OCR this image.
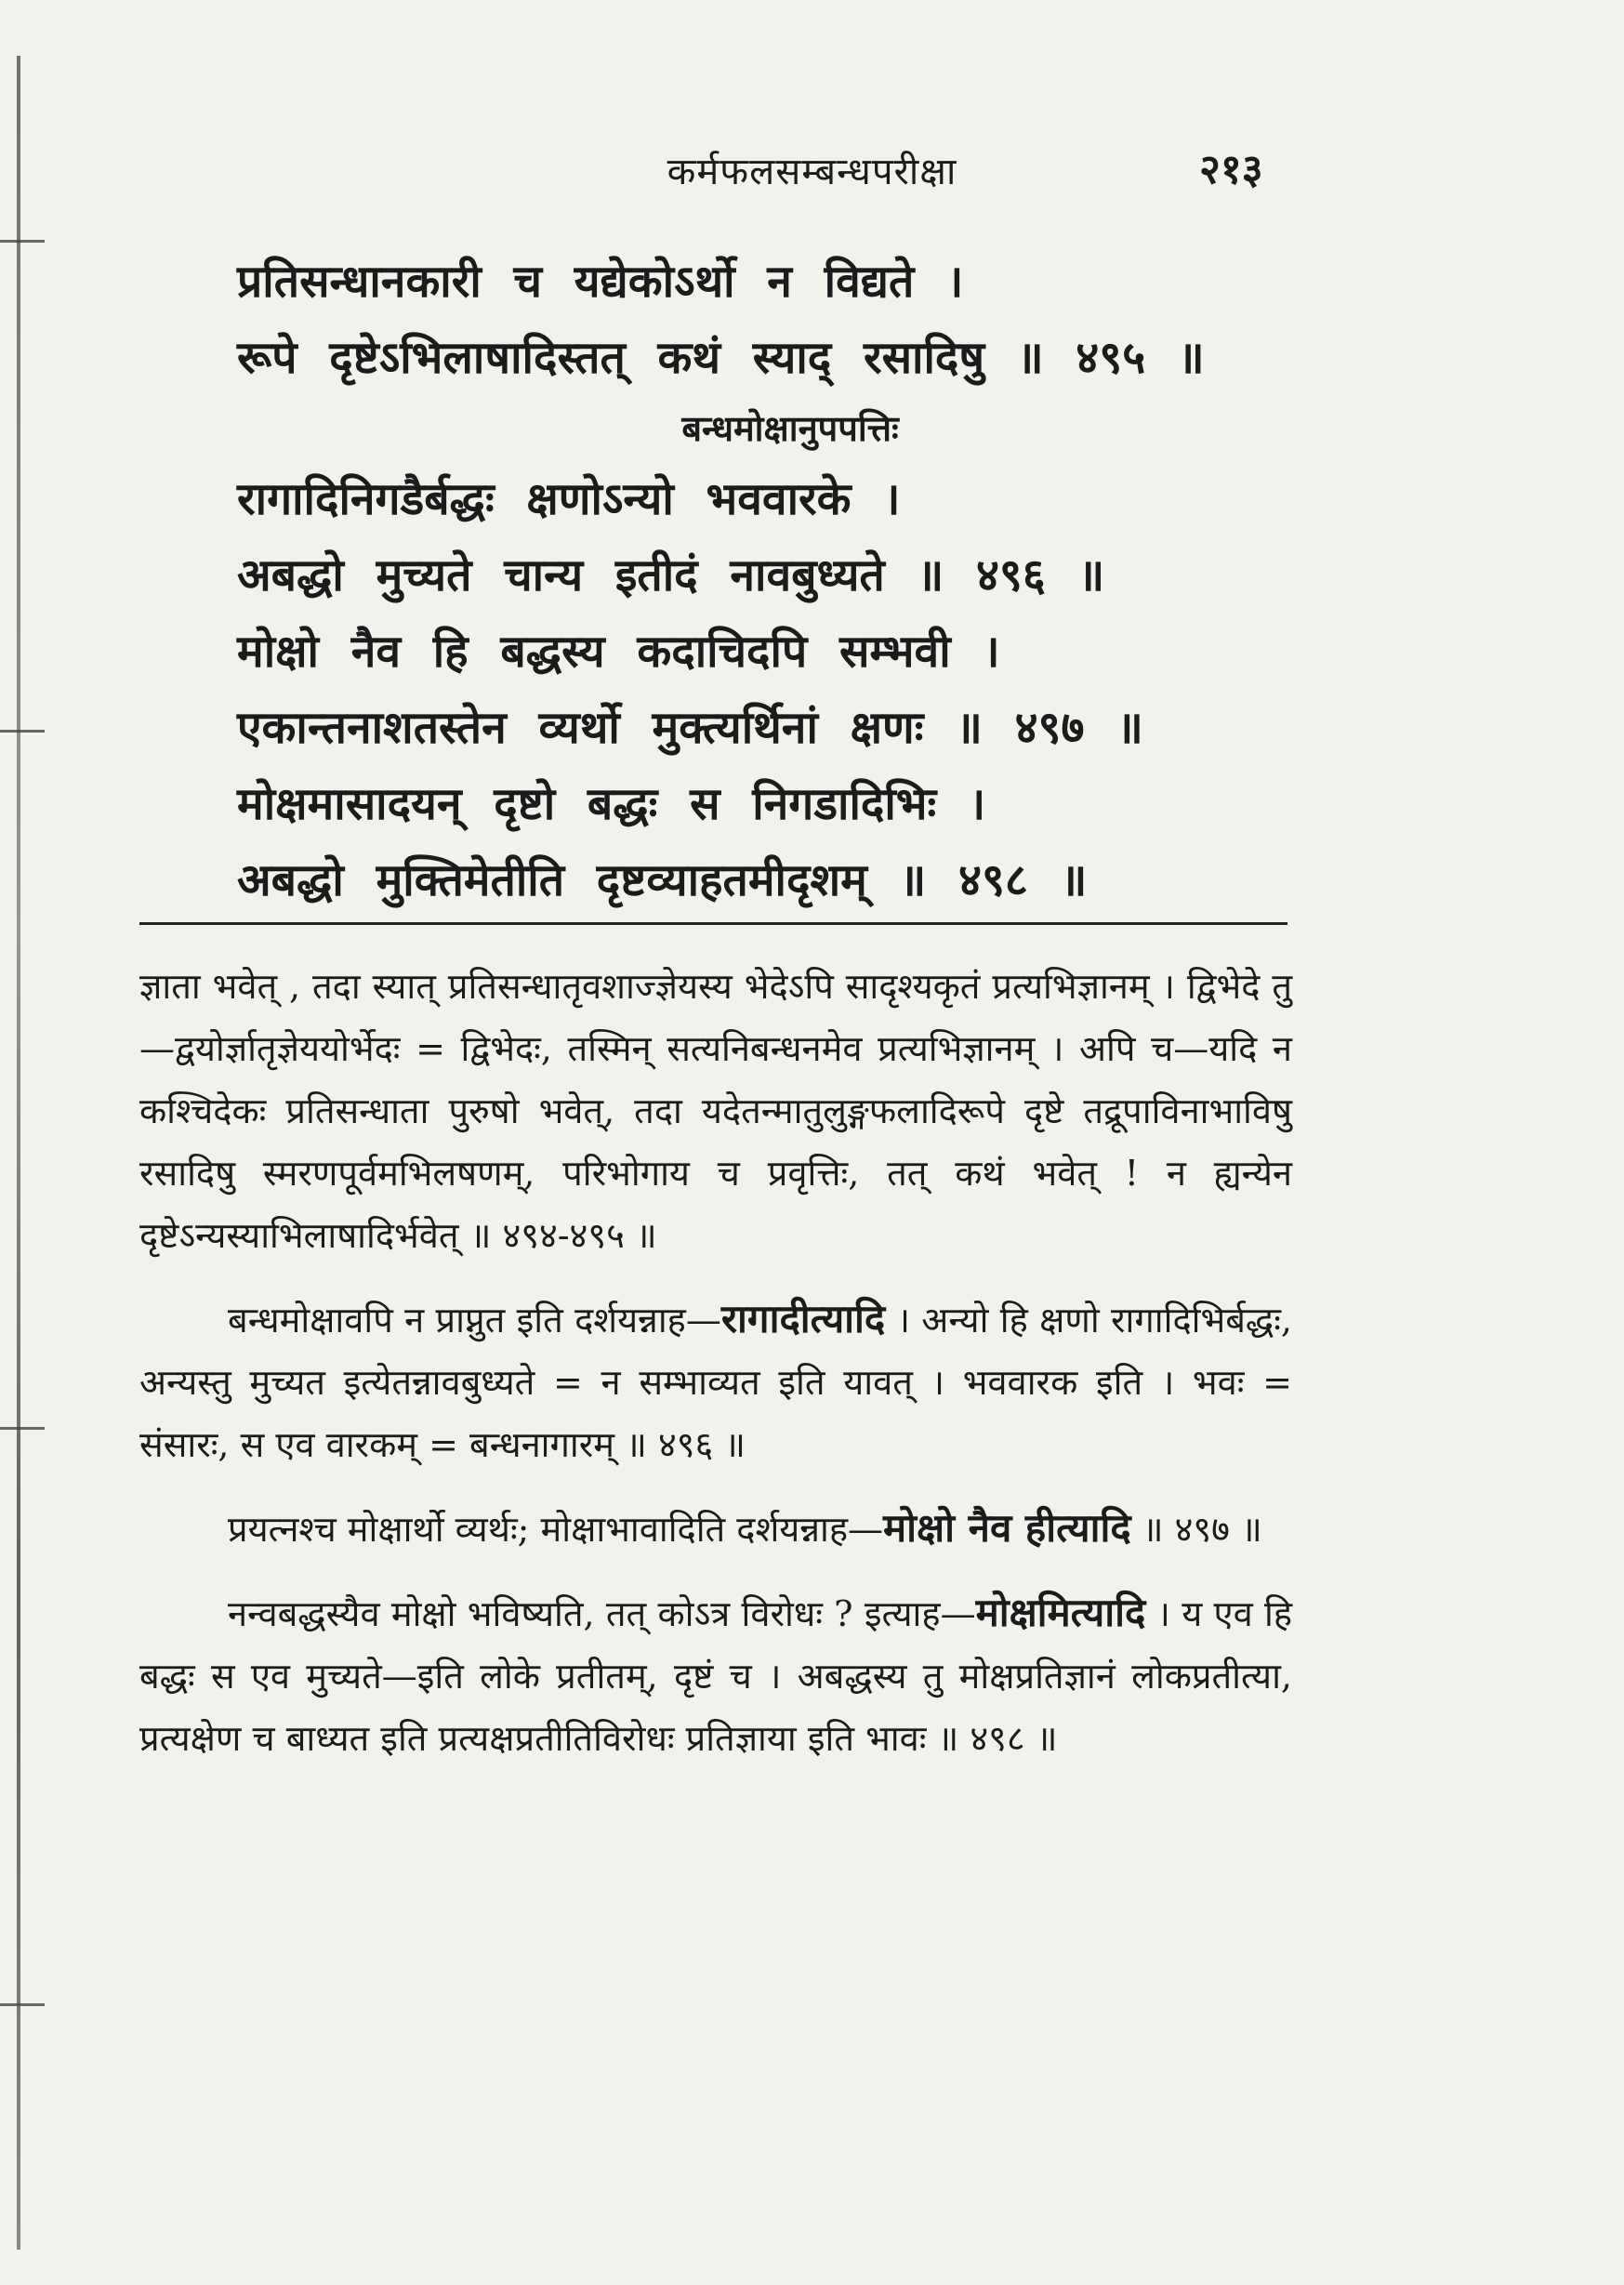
कर्मफलसम्बन्धपरीक्षा	२१३
प्रतिसन्धानकारी च यद्येकोऽर्थो न विद्यते ।
रूपे दृष्टेऽभिलाषादिस्तत् कथं स्याद् रसादिषु ॥ ४९५ ॥
बन्धमोक्षानुपपत्तिः
रागादिनिगडैर्बद्धः क्षणोऽन्यो भववारके ।
अबद्धो मुच्यते चान्य इतीदं नावबुध्यते ॥ ४९६ ॥
मोक्षो नैव हि बद्धस्य कदाचिदपि सम्भवी ।
एकान्तनाशतस्तेन व्यर्थो मुक्त्यर्थिनां क्षणः ॥ ४९७ ॥
मोक्षमासादयन् दृष्टो बद्धः स निगडादिभिः ।
अबद्धो मुक्तिमेतीति दृष्टव्याहतमीदृशम् ॥ ४९८ ॥

ज्ञाता भवेत् , तदा स्यात् प्रतिसन्धातृवशाज्ज्ञेयस्य भेदेऽपि सादृश्यकृतं प्रत्यभिज्ञानम् । द्विभेदे तु—द्वयोर्ज्ञातृज्ञेययोर्भेदः = द्विभेदः, तस्मिन् सत्यनिबन्धनमेव प्रत्यभिज्ञानम् । अपि च—यदि न कश्चिदेकः प्रतिसन्धाता पुरुषो भवेत्, तदा यदेतन्मातुलुङ्गफलादिरूपे दृष्टे तद्रूपाविनाभाविषु रसादिषु स्मरणपूर्वमभिलषणम्, परिभोगाय च प्रवृत्तिः, तत् कथं भवेत् ! न ह्यन्येन दृष्टेऽन्यस्याभिलाषादिर्भवेत् ॥ ४९४-४९५ ॥

बन्धमोक्षावपि न प्राप्नुत इति दर्शयन्नाह—रागादीत्यादि । अन्यो हि क्षणो रागादिभिर्बद्धः, अन्यस्तु मुच्यत इत्येतन्नावबुध्यते = न सम्भाव्यत इति यावत् । भववारक इति । भवः = संसारः, स एव वारकम् = बन्धनागारम् ॥ ४९६ ॥

प्रयत्नश्च मोक्षार्थो व्यर्थः; मोक्षाभावादिति दर्शयन्नाह—मोक्षो नैव हीत्यादि ॥ ४९७ ॥

नन्वबद्धस्यैव मोक्षो भविष्यति, तत् कोऽत्र विरोधः ? इत्याह—मोक्षमित्यादि । य एव हि बद्धः स एव मुच्यते—इति लोके प्रतीतम्, दृष्टं च । अबद्धस्य तु मोक्षप्रतिज्ञानं लोकप्रतीत्या, प्रत्यक्षेण च बाध्यत इति प्रत्यक्षप्रतीतिविरोधः प्रतिज्ञाया इति भावः ॥ ४९८ ॥
